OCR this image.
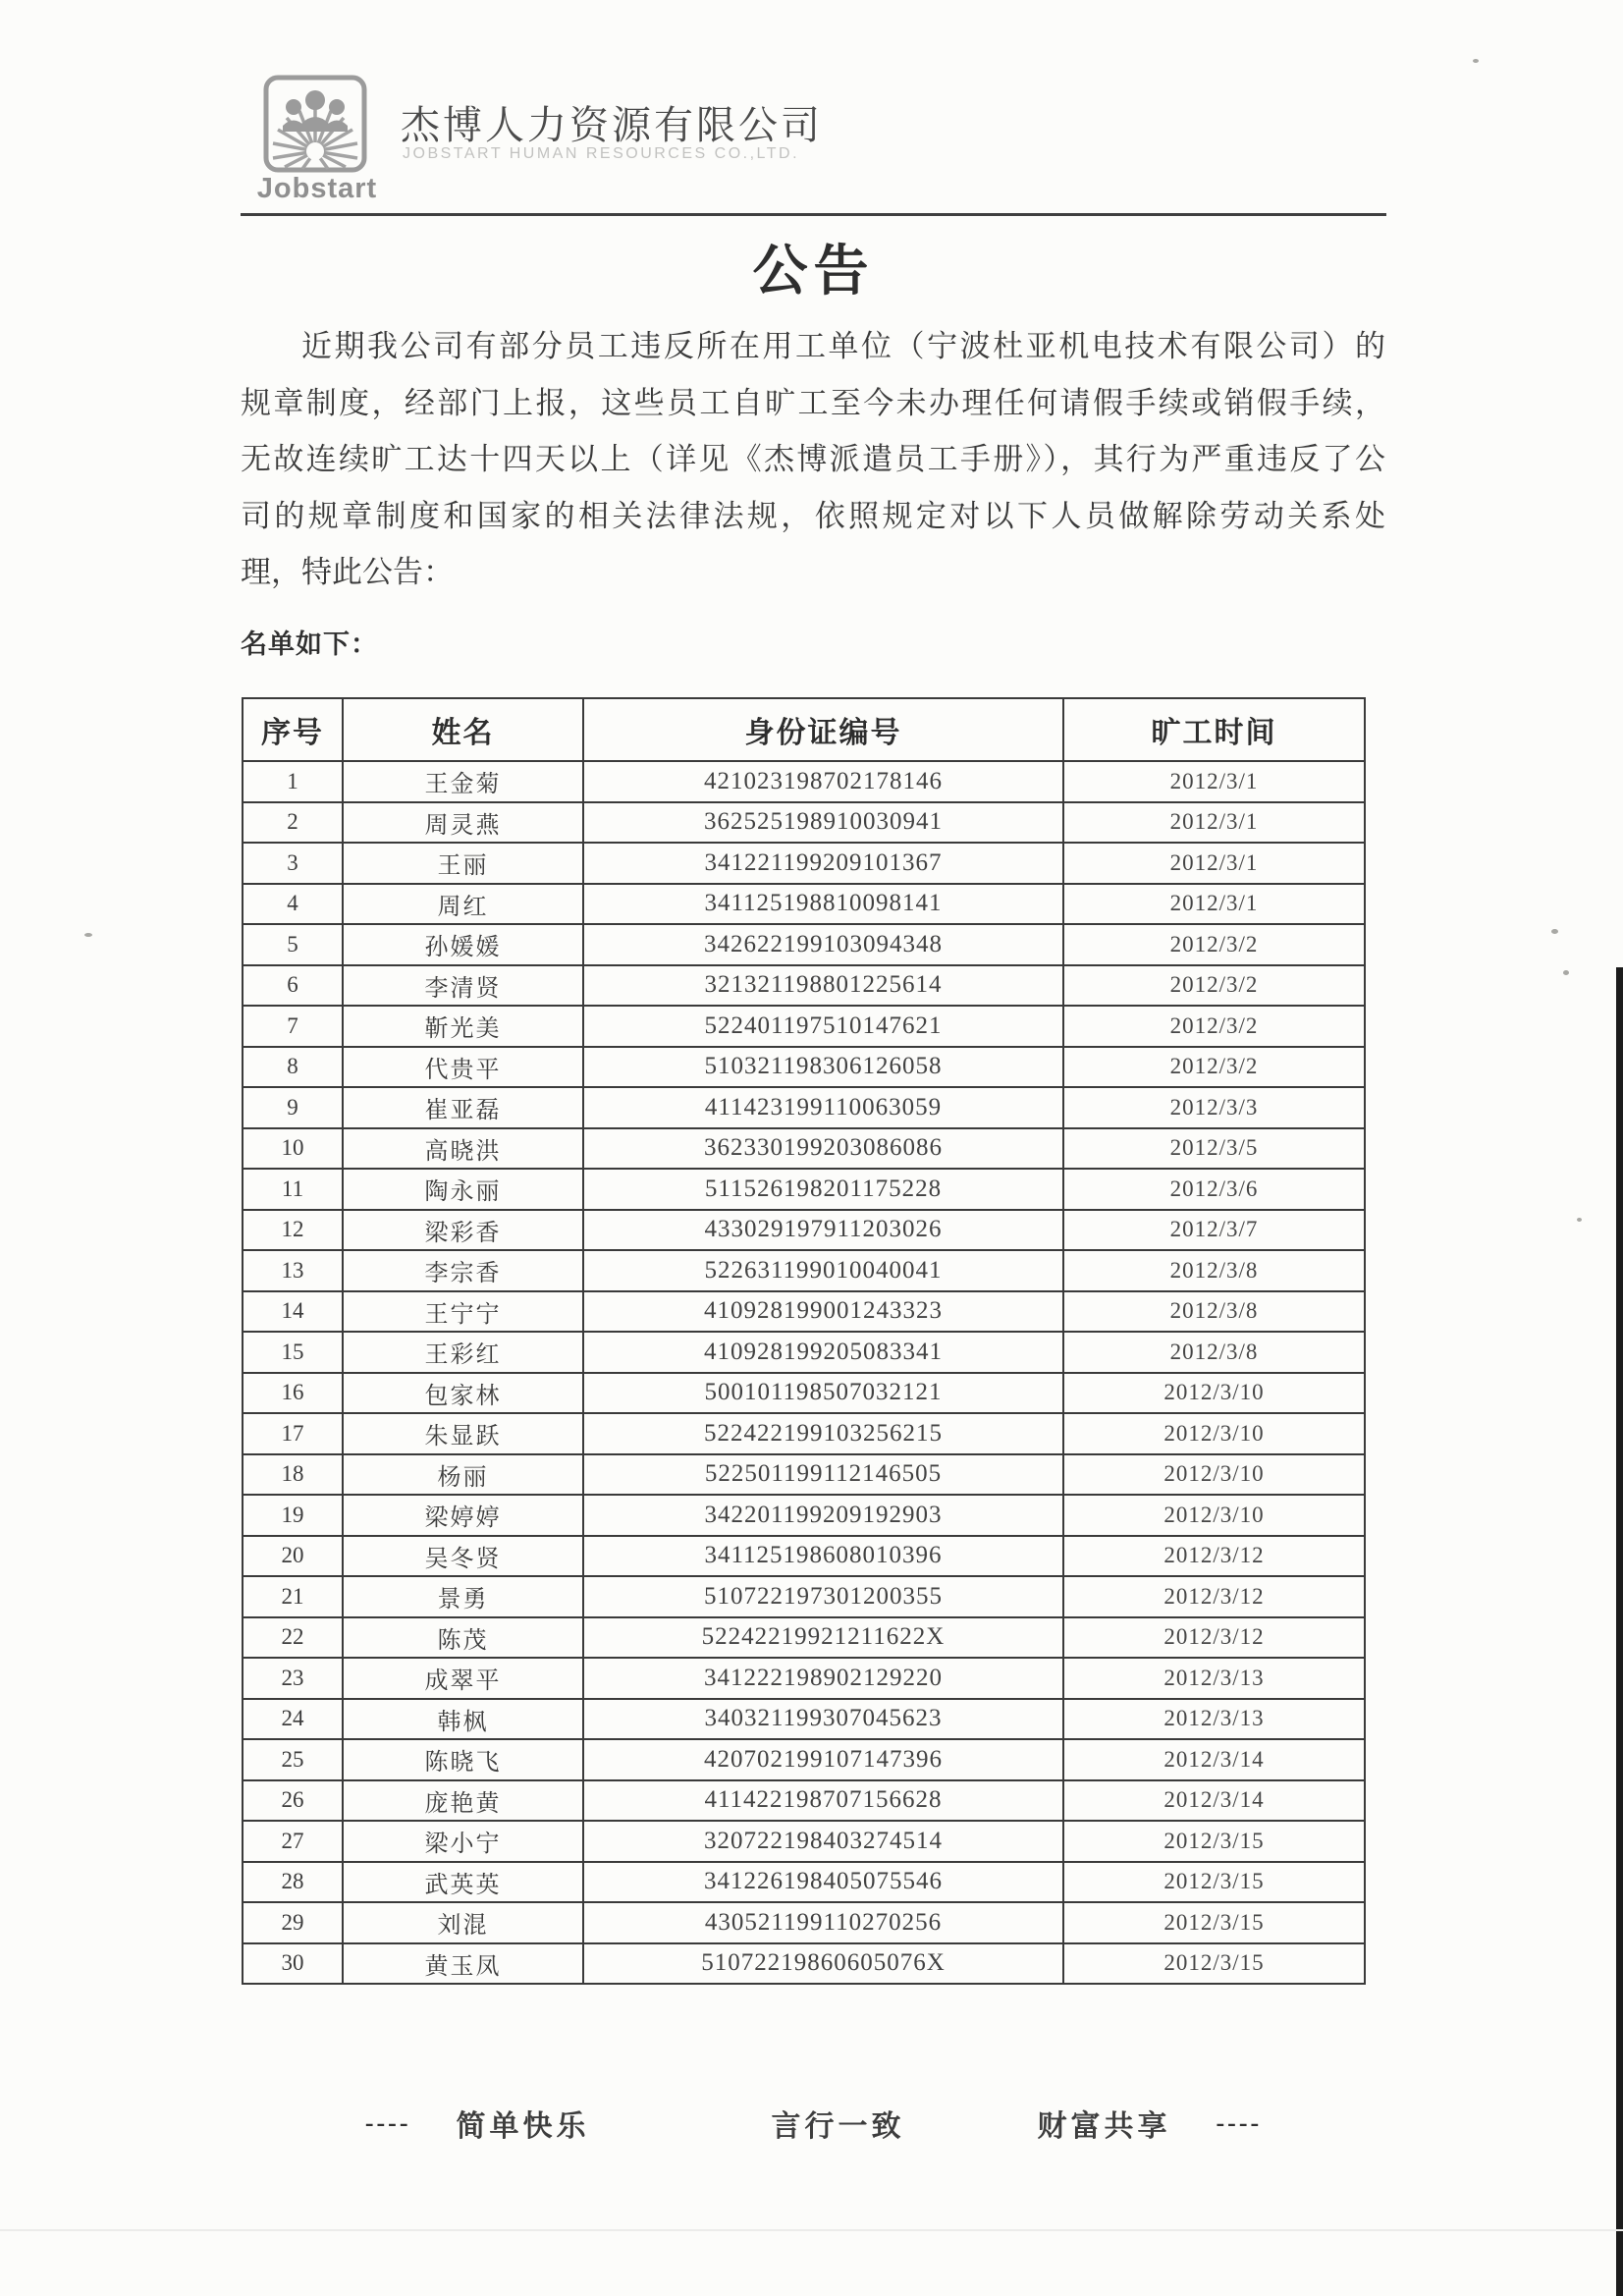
Jobstart
杰博人力资源有限公司
JOBSTART HUMAN RESOURCES CO.,LTD.
公告
近期我公司有部分员工违反所在用工单位（宁波杜亚机电技术有限公司）的
规章制度，经部门上报，这些员工自旷工至今未办理任何请假手续或销假手续，
无故连续旷工达十四天以上（详见《杰博派遣员工手册》），其行为严重违反了公
司的规章制度和国家的相关法律法规，依照规定对以下人员做解除劳动关系处
理，特此公告：
名单如下：
序号	姓名	身份证编号	旷工时间
1	王金菊	421023198702178146	2012/3/1
2	周灵燕	362525198910030941	2012/3/1
3	王丽	341221199209101367	2012/3/1
4	周红	341125198810098141	2012/3/1
5	孙媛媛	342622199103094348	2012/3/2
6	李清贤	321321198801225614	2012/3/2
7	靳光美	522401197510147621	2012/3/2
8	代贵平	510321198306126058	2012/3/2
9	崔亚磊	411423199110063059	2012/3/3
10	高晓洪	362330199203086086	2012/3/5
11	陶永丽	511526198201175228	2012/3/6
12	梁彩香	433029197911203026	2012/3/7
13	李宗香	522631199010040041	2012/3/8
14	王宁宁	410928199001243323	2012/3/8
15	王彩红	410928199205083341	2012/3/8
16	包家林	500101198507032121	2012/3/10
17	朱显跃	522422199103256215	2012/3/10
18	杨丽	522501199112146505	2012/3/10
19	梁婷婷	342201199209192903	2012/3/10
20	吴冬贤	341125198608010396	2012/3/12
21	景勇	510722197301200355	2012/3/12
22	陈茂	52242219921211622X	2012/3/12
23	成翠平	341222198902129220	2012/3/13
24	韩枫	340321199307045623	2012/3/13
25	陈晓飞	420702199107147396	2012/3/14
26	庞艳黄	411422198707156628	2012/3/14
27	梁小宁	320722198403274514	2012/3/15
28	武英英	341226198405075546	2012/3/15
29	刘混	430521199110270256	2012/3/15
30	黄玉凤	51072219860605076X	2012/3/15
---- 简单快乐	言行一致	财富共享 ----
